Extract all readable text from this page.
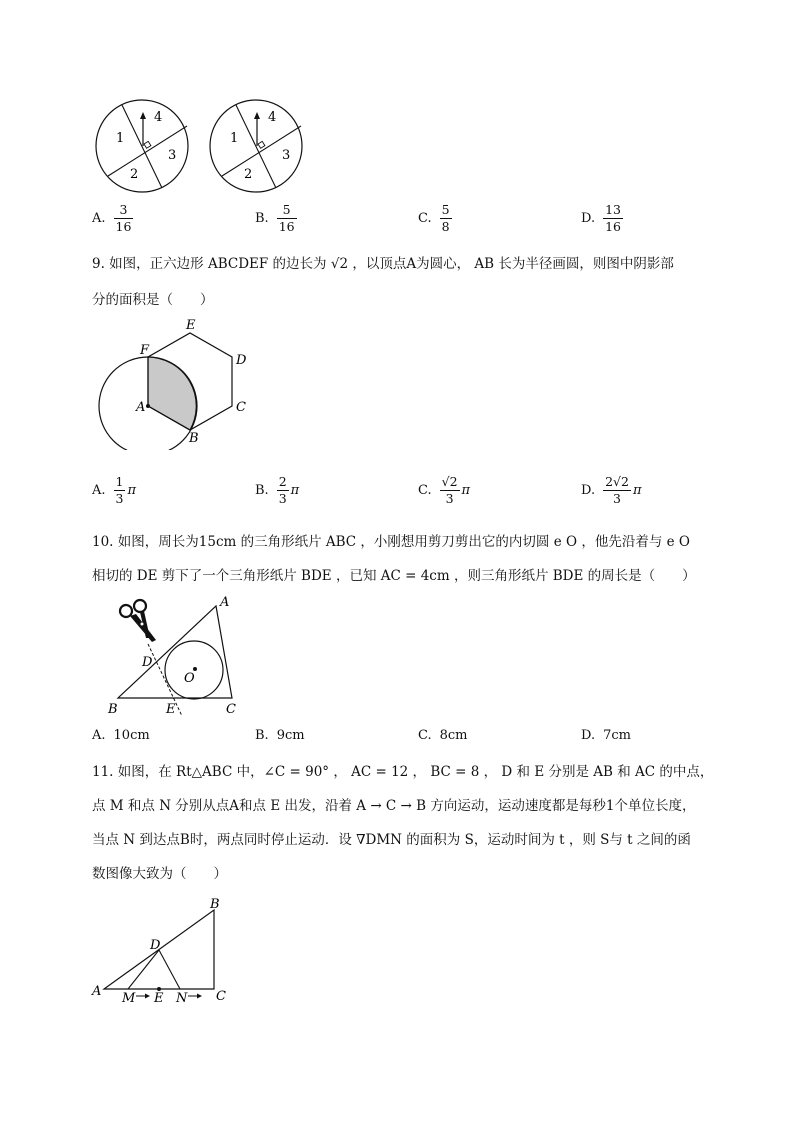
1
2
3
4
1
2
3
4
A. $\frac{3}{16}$	B. $\frac{5}{16}$	C. $\frac{5}{8}$	D. $\frac{13}{16}$
9. 如图，正六边形 ABCDEF 的边长为 √2 ，以顶点A为圆心， AB 长为半径画圆，则图中阴影部
分的面积是（　　）
A
B
C
D
E
F
A. $\frac{1}{3}$ π	B. $\frac{2}{3}$ π	C. $\frac{√2}{3}$ π	D. $\frac{2√2}{3}$ π
10. 如图，周长为15cm 的三角形纸片 ABC ，小刚想用剪刀剪出它的内切圆 e O ，他先沿着与 e O
相切的 DE 剪下了一个三角形纸片 BDE ，已知 AC = 4cm ，则三角形纸片 BDE 的周长是（　　）
A
B	C
D
E
O
A. 10cm	B. 9cm	C. 8cm	D. 7cm
11. 如图，在 Rt△ABC 中，∠C = 90° ， AC = 12 ， BC = 8 ， D 和 E 分别是 AB 和 AC 的中点，
点 M 和点 N 分别从点A和点 E 出发，沿着 A → C → B 方向运动，运动速度都是每秒1个单位长度，
当点 N 到达点B时，两点同时停止运动．设 ∇DMN 的面积为 S，运动时间为 t ，则 S与 t 之间的函
数图像大致为（　　）
A
B
C
D
E
M	N
